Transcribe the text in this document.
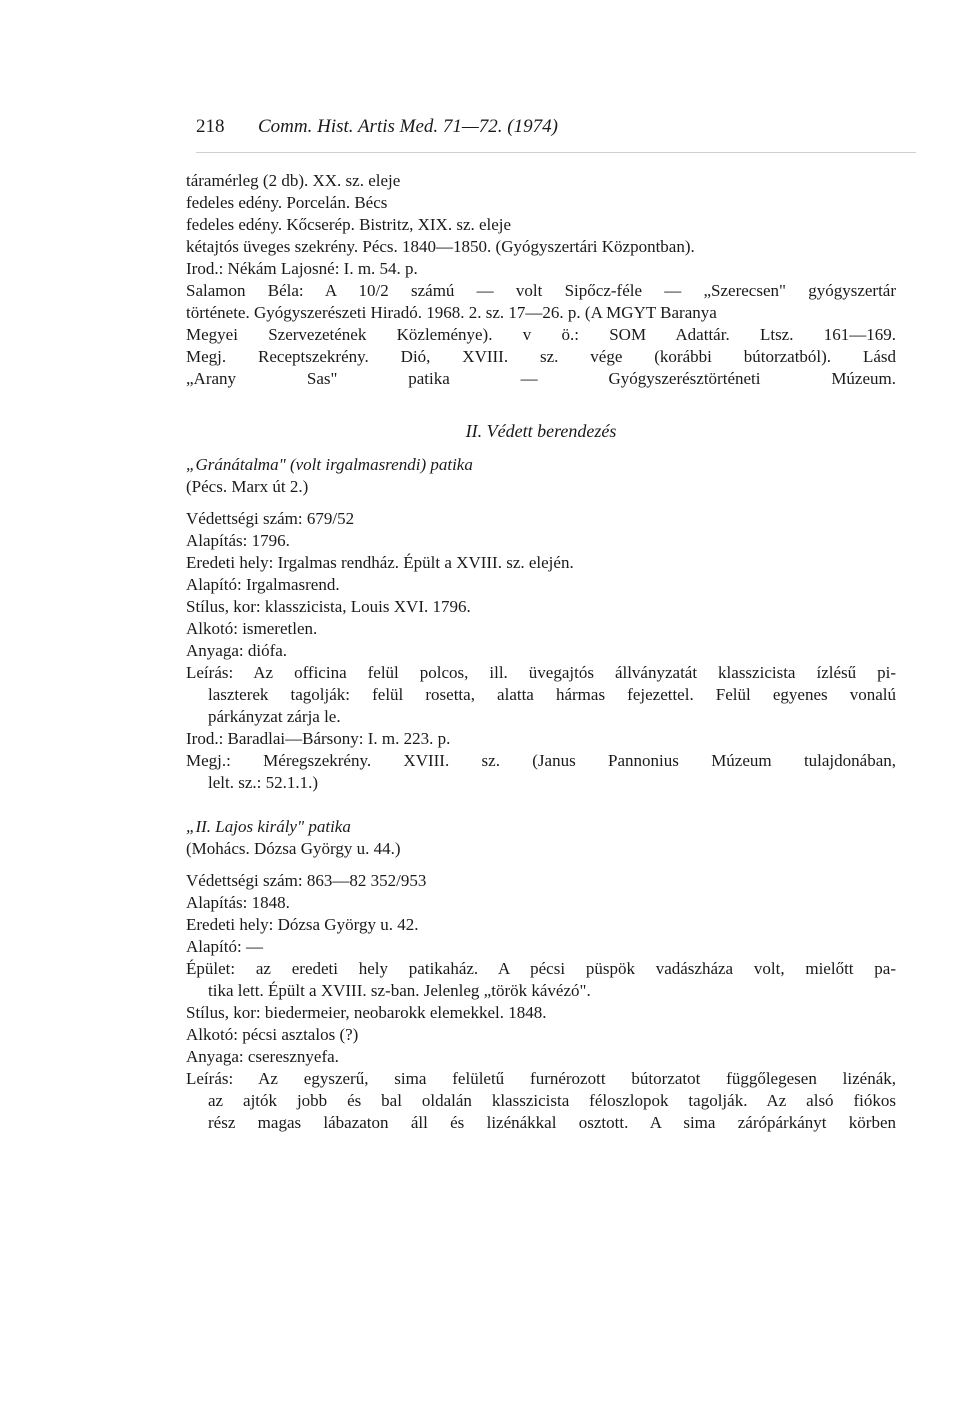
218 Comm. Hist. Artis Med. 71—72. (1974)
táramérleg (2 db). XX. sz. eleje
fedeles edény. Porcelán. Bécs
fedeles edény. Kőcserép. Bistritz, XIX. sz. eleje
kétajtós üveges szekrény. Pécs. 1840—1850. (Gyógyszertári Központban).
Irod.: Nékám Lajosné: I. m. 54. p.
Salamon Béla: A 10/2 számú — volt Sipőcz-féle — „Szerecsen" gyógyszertár
története. Gyógyszerészeti Hiradó. 1968. 2. sz. 17—26. p. (A MGYT Baranya
Megyei Szervezetének Közleménye). v ö.: SOM Adattár. Ltsz. 161—169.
Megj. Receptszekrény. Dió, XVIII. sz. vége (korábbi bútorzatból). Lásd
„Arany Sas" patika — Gyógyszerésztörténeti Múzeum.
II. Védett berendezés
„Gránátalma" (volt irgalmasrendi) patika
(Pécs. Marx út 2.)
Védettségi szám: 679/52
Alapítás: 1796.
Eredeti hely: Irgalmas rendház. Épült a XVIII. sz. elején.
Alapító: Irgalmasrend.
Stílus, kor: klasszicista, Louis XVI. 1796.
Alkotó: ismeretlen.
Anyaga: diófa.
Leírás: Az officina felül polcos, ill. üvegajtós állványzatát klasszicista ízlésű pi-
laszterek tagolják: felül rosetta, alatta hármas fejezettel. Felül egyenes vonalú
párkányzat zárja le.
Irod.: Baradlai—Bársony: I. m. 223. p.
Megj.: Méregszekrény. XVIII. sz. (Janus Pannonius Múzeum tulajdonában,
lelt. sz.: 52.1.1.)
„II. Lajos király" patika
(Mohács. Dózsa György u. 44.)
Védettségi szám: 863—82 352/953
Alapítás: 1848.
Eredeti hely: Dózsa György u. 42.
Alapító: —
Épület: az eredeti hely patikaház. A pécsi püspök vadászháza volt, mielőtt pa-
tika lett. Épült a XVIII. sz-ban. Jelenleg „török kávézó".
Stílus, kor: biedermeier, neobarokk elemekkel. 1848.
Alkotó: pécsi asztalos (?)
Anyaga: cseresznyefa.
Leírás: Az egyszerű, sima felületű furnérozott bútorzatot függőlegesen lizénák,
az ajtók jobb és bal oldalán klasszicista féloszlopok tagolják. Az alsó fiókos
rész magas lábazaton áll és lizénákkal osztott. A sima zárópárkányt körben
